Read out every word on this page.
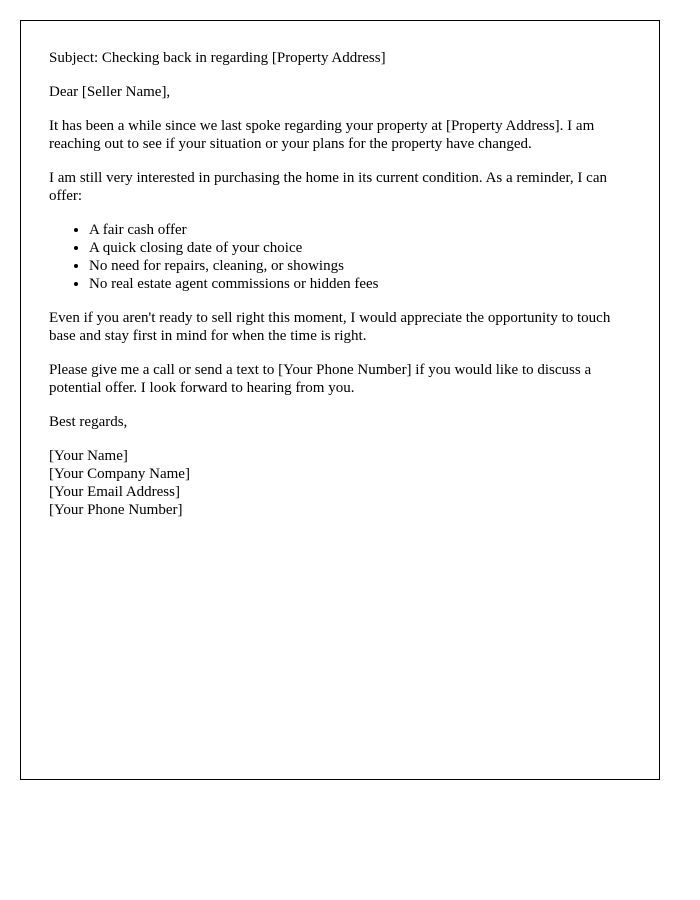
Subject: Checking back in regarding [Property Address]

Dear [Seller Name],

It has been a while since we last spoke regarding your property at [Property Address]. I am reaching out to see if your situation or your plans for the property have changed.

I am still very interested in purchasing the home in its current condition. As a reminder, I can offer:

• A fair cash offer
• A quick closing date of your choice
• No need for repairs, cleaning, or showings
• No real estate agent commissions or hidden fees

Even if you aren't ready to sell right this moment, I would appreciate the opportunity to touch base and stay first in mind for when the time is right.

Please give me a call or send a text to [Your Phone Number] if you would like to discuss a potential offer. I look forward to hearing from you.

Best regards,

[Your Name]
[Your Company Name]
[Your Email Address]
[Your Phone Number]
